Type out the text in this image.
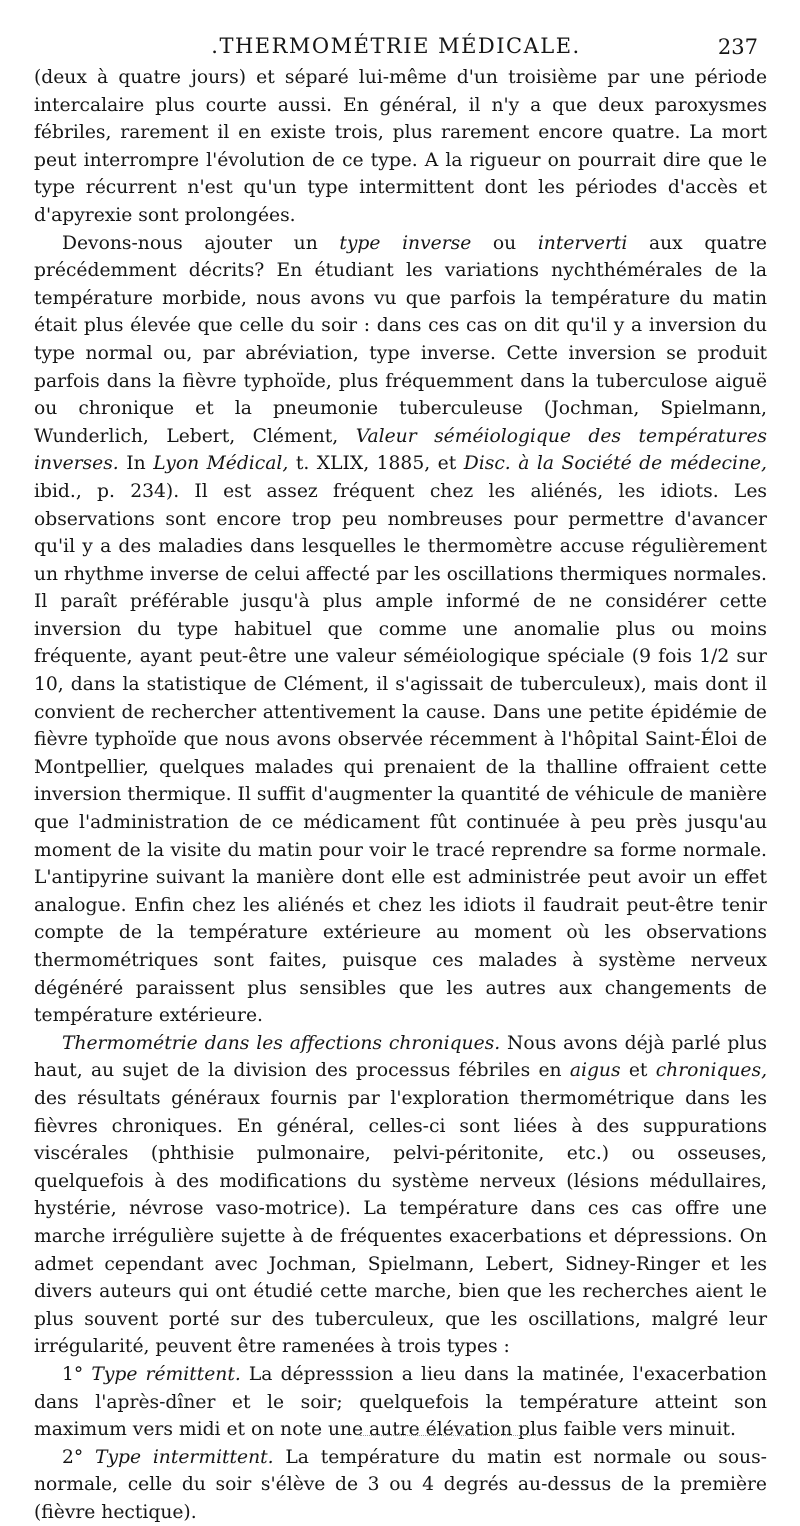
.THERMOMÉTRIE MÉDICALE.	237

(deux à quatre jours) et séparé lui-même d'un troisième par une période intercalaire plus courte aussi. En général, il n'y a que deux paroxysmes fébriles, rarement il en existe trois, plus rarement encore quatre. La mort peut interrompre l'évolution de ce type. A la rigueur on pourrait dire que le type récurrent n'est qu'un type intermittent dont les périodes d'accès et d'apyrexie sont prolongées.

Devons-nous ajouter un type inverse ou interverti aux quatre précédemment décrits? En étudiant les variations nychthémérales de la température morbide, nous avons vu que parfois la température du matin était plus élevée que celle du soir : dans ces cas on dit qu'il y a inversion du type normal ou, par abréviation, type inverse. Cette inversion se produit parfois dans la fièvre typhoïde, plus fréquemment dans la tuberculose aiguë ou chronique et la pneumonie tuberculeuse (Jochman, Spielmann, Wunderlich, Lebert, Clément, Valeur séméiologique des températures inverses. In Lyon Médical, t. XLIX, 1885, et Disc. à la Société de médecine, ibid., p. 234). Il est assez fréquent chez les aliénés, les idiots. Les observations sont encore trop peu nombreuses pour permettre d'avancer qu'il y a des maladies dans lesquelles le thermomètre accuse régulièrement un rhythme inverse de celui affecté par les oscillations thermiques normales. Il paraît préférable jusqu'à plus ample informé de ne considérer cette inversion du type habituel que comme une anomalie plus ou moins fréquente, ayant peut-être une valeur séméiologique spéciale (9 fois 1/2 sur 10, dans la statistique de Clément, il s'agissait de tuberculeux), mais dont il convient de rechercher attentivement la cause. Dans une petite épidémie de fièvre typhoïde que nous avons observée récemment à l'hôpital Saint-Éloi de Montpellier, quelques malades qui prenaient de la thalline offraient cette inversion thermique. Il suffit d'augmenter la quantité de véhicule de manière que l'administration de ce médicament fût continuée à peu près jusqu'au moment de la visite du matin pour voir le tracé reprendre sa forme normale. L'antipyrine suivant la manière dont elle est administrée peut avoir un effet analogue. Enfin chez les aliénés et chez les idiots il faudrait peut-être tenir compte de la température extérieure au moment où les observations thermométriques sont faites, puisque ces malades à système nerveux dégénéré paraissent plus sensibles que les autres aux changements de température extérieure.

Thermométrie dans les affections chroniques. Nous avons déjà parlé plus haut, au sujet de la division des processus fébriles en aigus et chroniques, des résultats généraux fournis par l'exploration thermométrique dans les fièvres chroniques. En général, celles-ci sont liées à des suppurations viscérales (phthisie pulmonaire, pelvi-péritonite, etc.) ou osseuses, quelquefois à des modifications du système nerveux (lésions médullaires, hystérie, névrose vaso-motrice). La température dans ces cas offre une marche irrégulière sujette à de fréquentes exacerbations et dépressions. On admet cependant avec Jochman, Spielmann, Lebert, Sidney-Ringer et les divers auteurs qui ont étudié cette marche, bien que les recherches aient le plus souvent porté sur des tuberculeux, que les oscillations, malgré leur irrégularité, peuvent être ramenées à trois types :

1° Type rémittent. La dépresssion a lieu dans la matinée, l'exacerbation dans l'après-dîner et le soir; quelquefois la température atteint son maximum vers midi et on note une autre élévation plus faible vers minuit.

2° Type intermittent. La température du matin est normale ou sous-normale, celle du soir s'élève de 3 ou 4 degrés au-dessus de la première (fièvre hectique).
